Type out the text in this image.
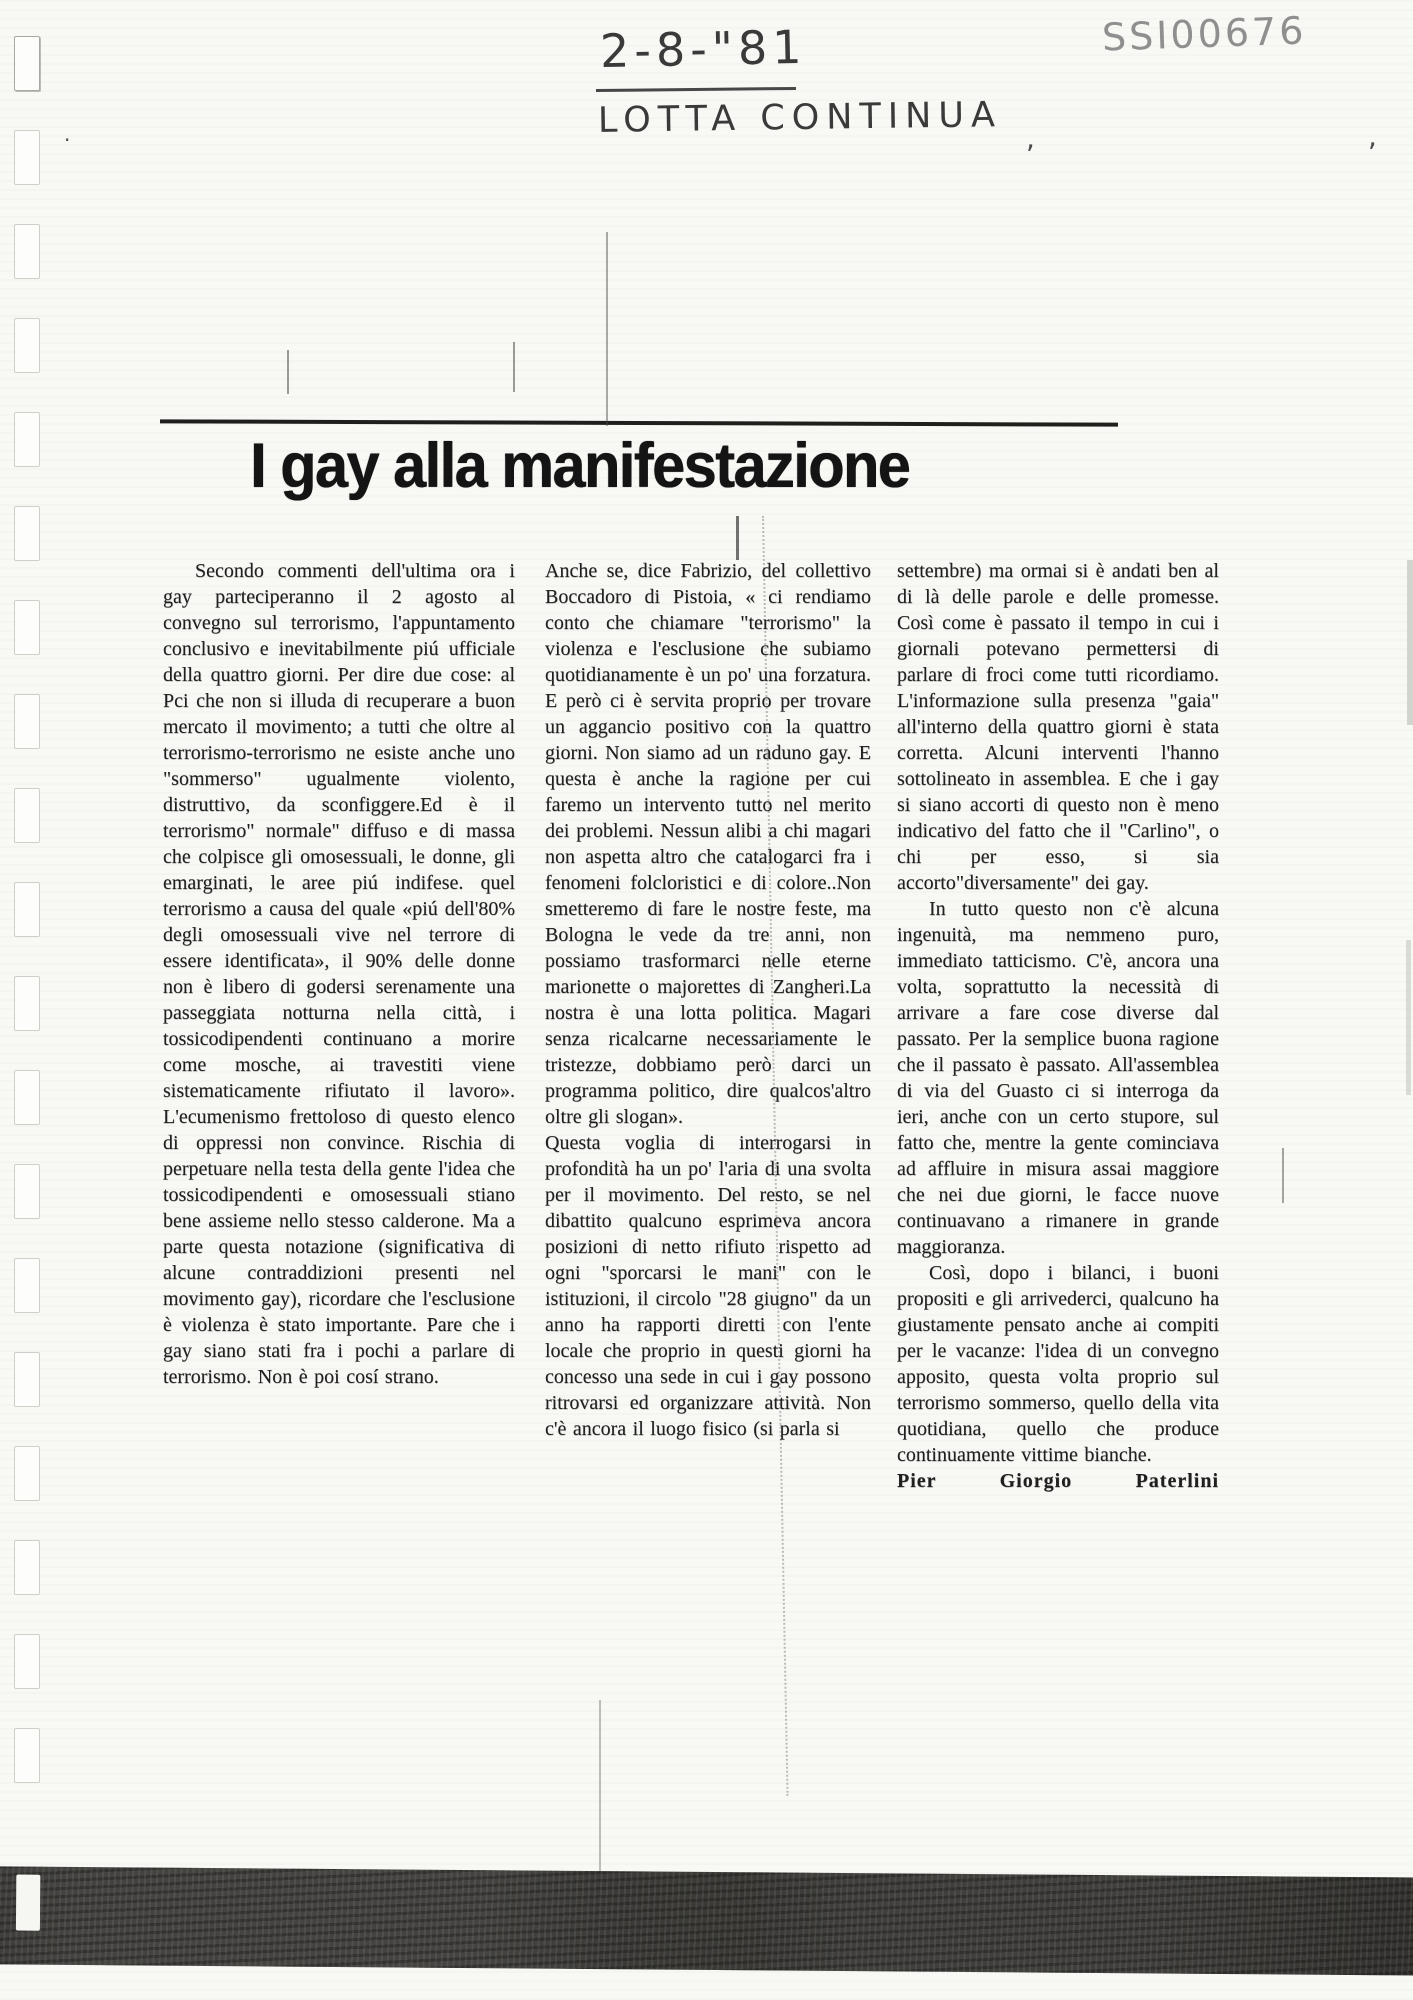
2-8-"81
LOTTA CONTINUA
SSI00676
I gay alla manifestazione

Secondo commenti dell'ultima ora i gay parteciperanno il 2 agosto al convegno sul terrorismo, l'appuntamento conclusivo e inevitabilmente piú ufficiale della quattro giorni. Per dire due cose: al Pci che non si illuda di recuperare a buon mercato il movimento; a tutti che oltre al terrorismo-terrorismo ne esiste anche uno "sommerso" ugualmente violento, distruttivo, da sconfiggere.Ed è il terrorismo" normale" diffuso e di massa che colpisce gli omosessuali, le donne, gli emarginati, le aree piú indifese. quel terrorismo a causa del quale «piú dell'80% degli omosessuali vive nel terrore di essere identificata», il 90% delle donne non è libero di godersi serenamente una passeggiata notturna nella città, i tossicodipendenti continuano a morire come mosche, ai travestiti viene sistematicamente rifiutato il lavoro». L'ecumenismo frettoloso di questo elenco di oppressi non convince. Rischia di perpetuare nella testa della gente l'idea che tossicodipendenti e omosessuali stiano bene assieme nello stesso calderone. Ma a parte questa notazione (significativa di alcune contraddizioni presenti nel movimento gay), ricordare che l'esclusione è violenza è stato importante. Pare che i gay siano stati fra i pochi a parlare di terrorismo. Non è poi cosí strano.

Anche se, dice Fabrizio, del collettivo Boccadoro di Pistoia, « ci rendiamo conto che chiamare "terrorismo" la violenza e l'esclusione che subiamo quotidianamente è un po' una forzatura. E però ci è servita proprio per trovare un aggancio positivo con la quattro giorni. Non siamo ad un raduno gay. E questa è anche la ragione per cui faremo un intervento tutto nel merito dei problemi. Nessun alibi a chi magari non aspetta altro che catalogarci fra i fenomeni folcloristici e di colore..Non smetteremo di fare le nostre feste, ma Bologna le vede da tre anni, non possiamo trasformarci nelle eterne marionette o majorettes di Zangheri.La nostra è una lotta politica. Magari senza ricalcarne necessariamente le tristezze, dobbiamo però darci un programma politico, dire qualcos'altro oltre gli slogan».

Questa voglia di interrogarsi in profondità ha un po' l'aria di una svolta per il movimento. Del resto, se nel dibattito qualcuno esprimeva ancora posizioni di netto rifiuto rispetto ad ogni "sporcarsi le mani" con le istituzioni, il circolo "28 giugno" da un anno ha rapporti diretti con l'ente locale che proprio in questi giorni ha concesso una sede in cui i gay possono ritrovarsi ed organizzare attività. Non c'è ancora il luogo fisico (si parla si

settembre) ma ormai si è andati ben al di là delle parole e delle promesse. Così come è passato il tempo in cui i giornali potevano permettersi di parlare di froci come tutti ricordiamo. L'informazione sulla presenza "gaia" all'interno della quattro giorni è stata corretta. Alcuni interventi l'hanno sottolineato in assemblea. E che i gay si siano accorti di questo non è meno indicativo del fatto che il "Carlino", o chi per esso, si sia accorto"diversamente" dei gay.

In tutto questo non c'è alcuna ingenuità, ma nemmeno puro, immediato tatticismo. C'è, ancora una volta, soprattutto la necessità di arrivare a fare cose diverse dal passato. Per la semplice buona ragione che il passato è passato. All'assemblea di via del Guasto ci si interroga da ieri, anche con un certo stupore, sul fatto che, mentre la gente cominciava ad affluire in misura assai maggiore che nei due giorni, le facce nuove continuavano a rimanere in grande maggioranza.

Così, dopo i bilanci, i buoni propositi e gli arrivederci, qualcuno ha giustamente pensato anche ai compiti per le vacanze: l'idea di un convegno apposito, questa volta proprio sul terrorismo sommerso, quello della vita quotidiana, quello che produce continuamente vittime bianche.

Pier Giorgio Paterlini

,	,
·
